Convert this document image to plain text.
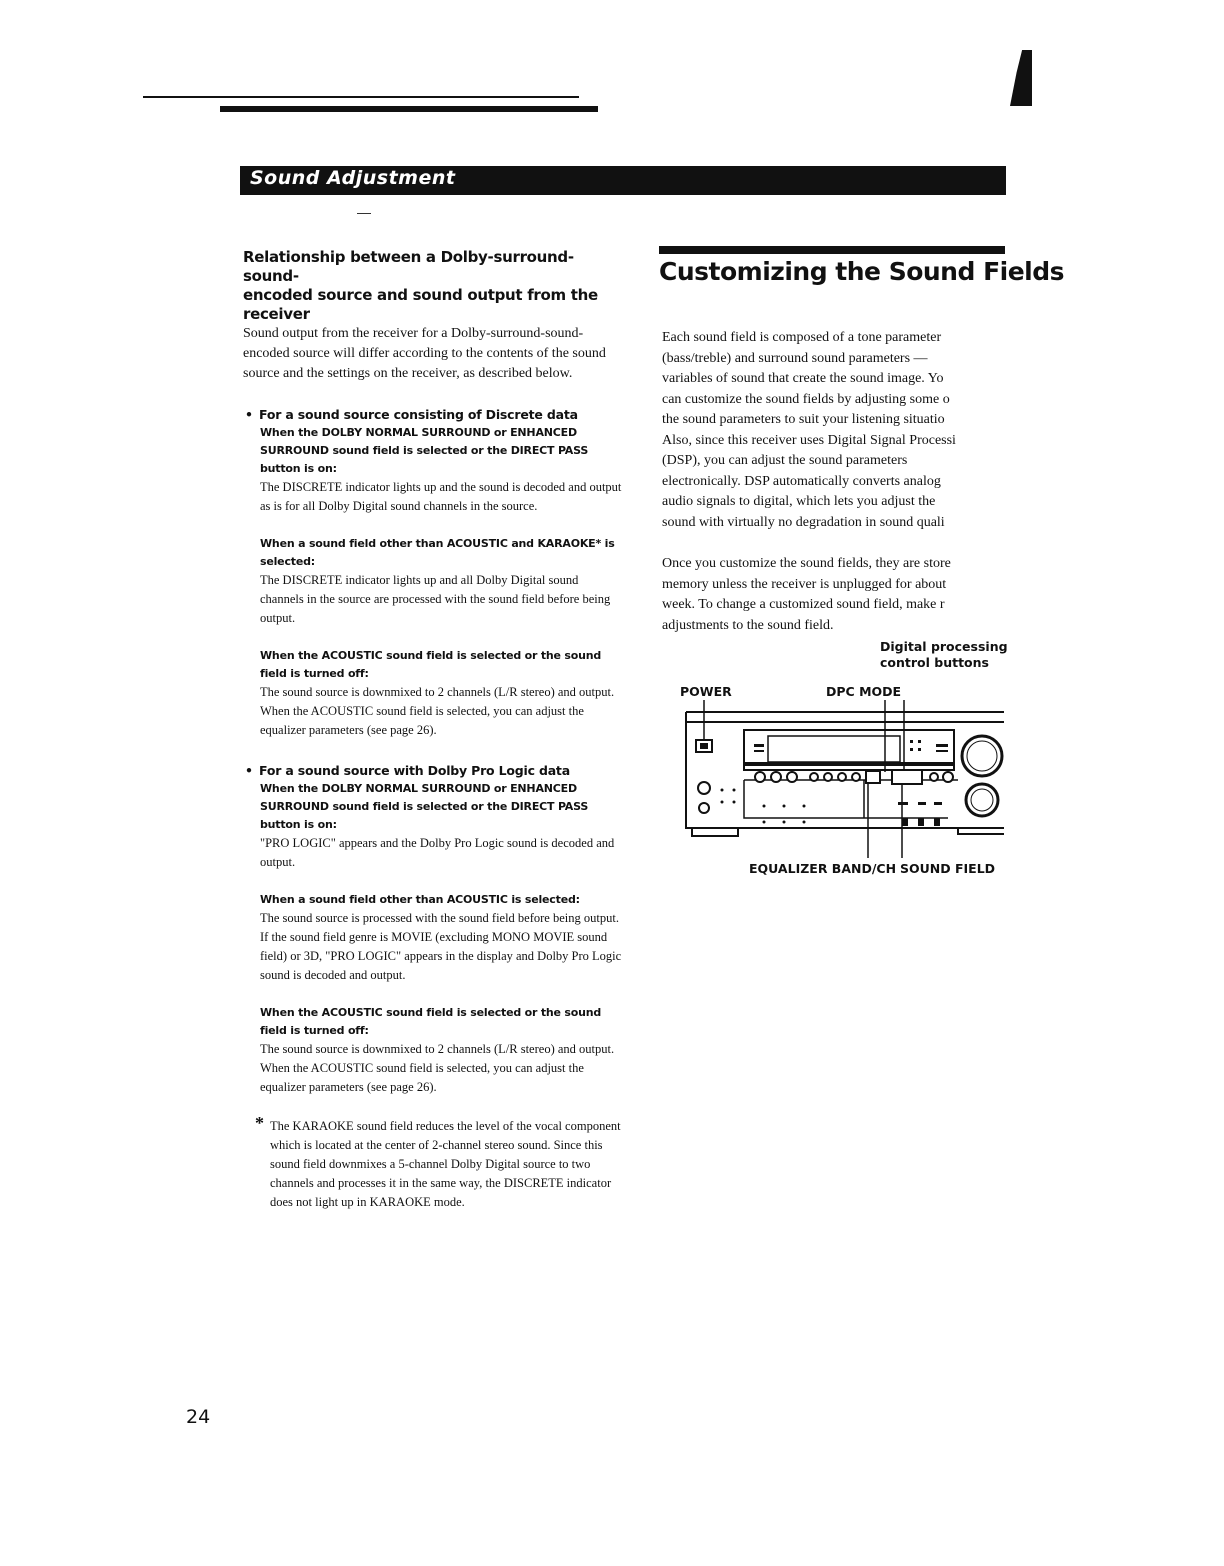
Sound Adjustment

Relationship between a Dolby-surround-sound-
encoded source and sound output from the receiver

Sound output from the receiver for a Dolby-surround-sound-encoded source will differ according to the contents of the sound source and the settings on the receiver, as described below.

• For a sound source consisting of Discrete data

When the DOLBY NORMAL SURROUND or ENHANCED SURROUND sound field is selected or the DIRECT PASS button is on:

The DISCRETE indicator lights up and the sound is decoded and output as is for all Dolby Digital sound channels in the source.

When a sound field other than ACOUSTIC and KARAOKE* is selected:

The DISCRETE indicator lights up and all Dolby Digital sound channels in the source are processed with the sound field before being output.

When the ACOUSTIC sound field is selected or the sound field is turned off:

The sound source is downmixed to 2 channels (L/R stereo) and output. When the ACOUSTIC sound field is selected, you can adjust the equalizer parameters (see page 26).

• For a sound source with Dolby Pro Logic data

When the DOLBY NORMAL SURROUND or ENHANCED SURROUND sound field is selected or the DIRECT PASS button is on:

"PRO LOGIC" appears and the Dolby Pro Logic sound is decoded and output.

When a sound field other than ACOUSTIC is selected:

The sound source is processed with the sound field before being output. If the sound field genre is MOVIE (excluding MONO MOVIE sound field) or 3D, "PRO LOGIC" appears in the display and Dolby Pro Logic sound is decoded and output.

When the ACOUSTIC sound field is selected or the sound field is turned off:

The sound source is downmixed to 2 channels (L/R stereo) and output. When the ACOUSTIC sound field is selected, you can adjust the equalizer parameters (see page 26).

* The KARAOKE sound field reduces the level of the vocal component which is located at the center of 2-channel stereo sound. Since this sound field downmixes a 5-channel Dolby Digital source to two channels and processes it in the same way, the DISCRETE indicator does not light up in KARAOKE mode.

Customizing the Sound Fields

Each sound field is composed of a tone parameter

(bass/treble) and surround sound parameters —

variables of sound that create the sound image. Yo

can customize the sound fields by adjusting some o

the sound parameters to suit your listening situatio

Also, since this receiver uses Digital Signal Processi

(DSP), you can adjust the sound parameters

electronically. DSP automatically converts analog

audio signals to digital, which lets you adjust the

sound with virtually no degradation in sound quali

Once you customize the sound fields, they are store

memory unless the receiver is unplugged for about

week. To change a customized sound field, make r

adjustments to the sound field.

Digital processing
control buttons
POWER	DPC MODE
EQUALIZER BAND/CH SOUND FIELD
24
